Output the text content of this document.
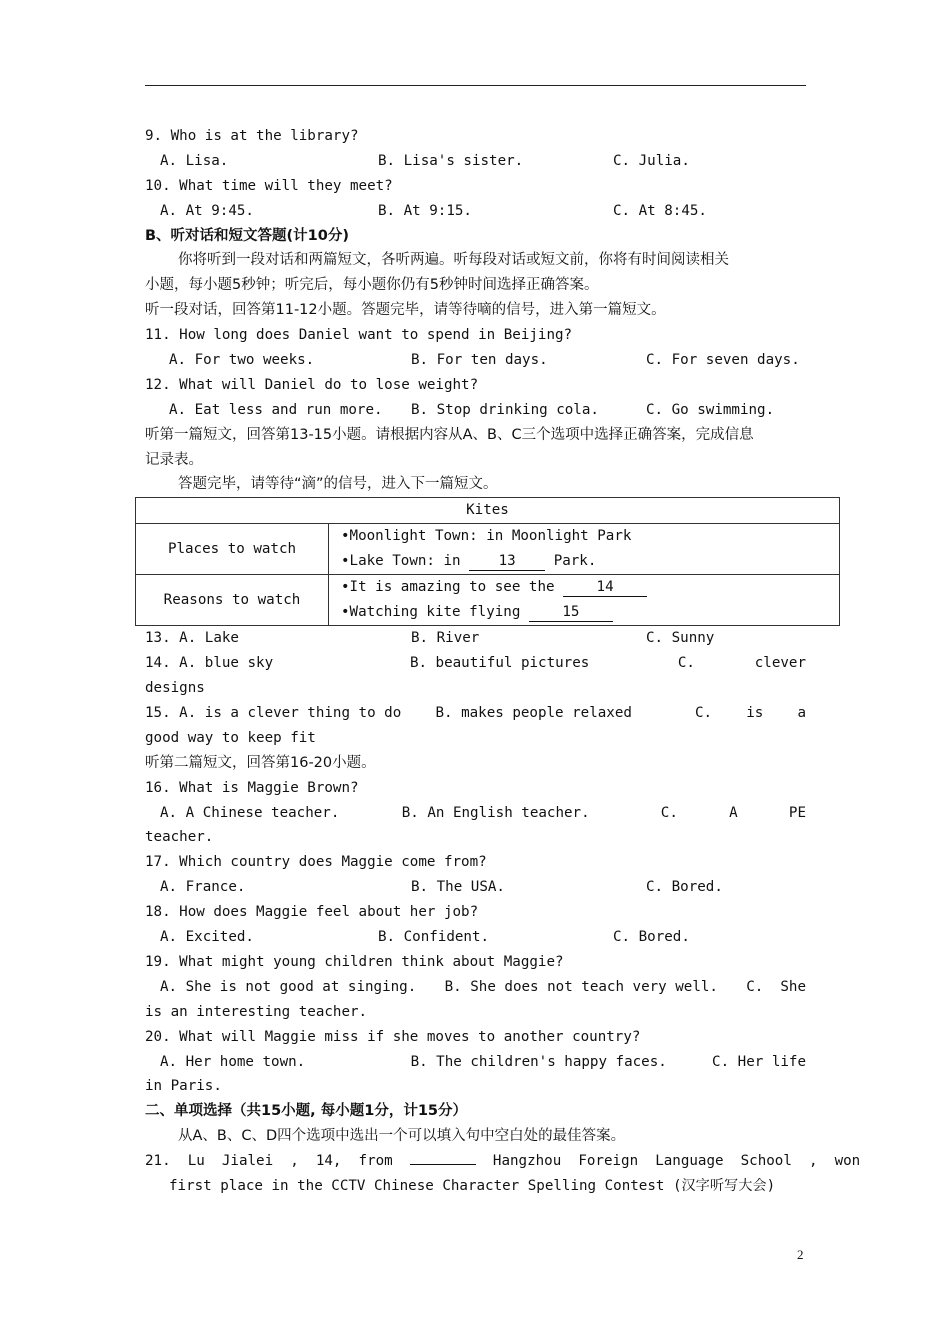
9. Who is at the library?
A. Lisa.	B. Lisa's sister.	C. Julia.
10. What time will they meet?
A. At 9:45.	B. At 9:15.	C. At 8:45.
B、听对话和短文答题(计10分)
你将听到一段对话和两篇短文，各听两遍。听每段对话或短文前，你将有时间阅读相关
小题，每小题5秒钟；听完后，每小题你仍有5秒钟时间选择正确答案。
听一段对话，回答第11-12小题。答题完毕，请等待嘀的信号，进入第一篇短文。
11. How long does Daniel want to spend in Beijing?
A. For two weeks.	B. For ten days.	C. For seven days.
12. What will Daniel do to lose weight?
A. Eat less and run more.	B. Stop drinking cola.	C. Go swimming.
听第一篇短文，回答第13-15小题。请根据内容从A、B、C三个选项中选择正确答案，完成信息
记录表。
答题完毕，请等待“滴”的信号，进入下一篇短文。
Kites	
Places to watch	•Moonlight Town: in Moonlight Park
•Lake Town: in 13 Park.

Reasons to watch	•It is amazing to see the 14
•Watching kite flying 15
13. A. Lake	B. River	C. Sunny
14. A. blue sky	B. beautiful pictures	C.       clever
designs
15. A. is a clever thing to do	B. makes people relaxed	C.    is    a
good way to keep fit
听第二篇短文，回答第16-20小题。
16. What is Maggie Brown?
A. A Chinese teacher.	B. An English teacher.	C.      A      PE
teacher.
17. Which country does Maggie come from?
A. France.	B. The USA.	C. Bored.
18. How does Maggie feel about her job?
A. Excited.	B. Confident.	C. Bored.
19. What might young children think about Maggie?
A. She is not good at singing.	B. She does not teach very well.	C.  She
is an interesting teacher.
20. What will Maggie miss if she moves to another country?
A. Her home town.	B. The children's happy faces.	C. Her life
in Paris.
二、单项选择（共15小题, 每小题1分，计15分）
从A、B、C、D四个选项中选出一个可以填入句中空白处的最佳答案。
21.  Lu  Jialei  ,  14,  from	Hangzhou  Foreign  Language  School  ,  won
first place in the CCTV Chinese Character Spelling Contest (汉字听写大会)
2
